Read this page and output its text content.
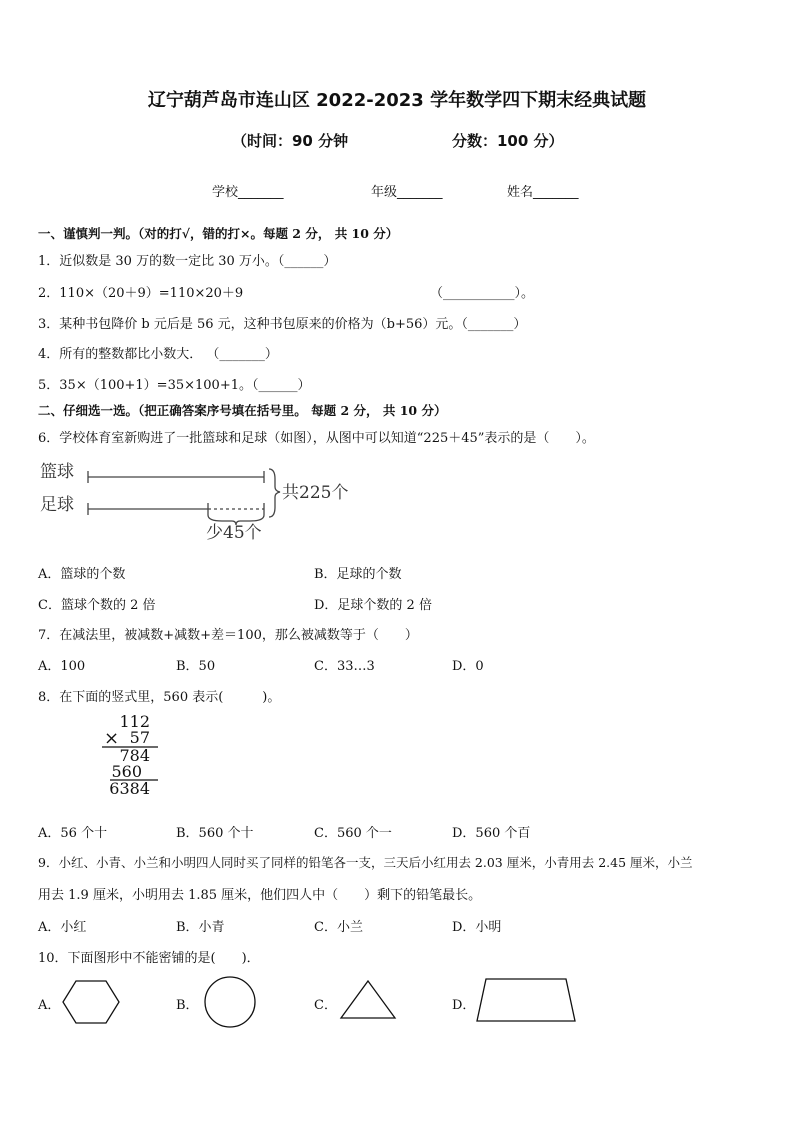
辽宁葫芦岛市连山区 2022-2023 学年数学四下期末经典试题
（时间：90 分钟	分数：100 分）
学校_______	年级_______	姓名_______
一、谨慎判一判。（对的打√，错的打×。每题 2 分， 共 10 分）
1．近似数是 30 万的数一定比 30 万小。（______）
2．110×（20＋9）=110×20＋9	（___________）。
3．某种书包降价 b 元后是 56 元，这种书包原来的价格为（b+56）元。（_______）
4．所有的整数都比小数大． （_______）
5．35×（100+1）=35×100+1。（______）
二、仔细选一选。（把正确答案序号填在括号里。 每题 2 分， 共 10 分）
6．学校体育室新购进了一批篮球和足球（如图），从图中可以知道“225＋45”表示的是（　　）。
篮球
足球
共225个
少45个
A．篮球的个数	B．足球的个数
C．篮球个数的 2 倍	D．足球个数的 2 倍
7．在减法里，被减数+减数+差＝100，那么被减数等于（　　）
A．100	B．50	C．33…3	D．0
8．在下面的竖式里，560 表示(　　　)。
112
× 57
784
560
6384
A．56 个十	B．560 个十	C．560 个一	D．560 个百
9．小红、小青、小兰和小明四人同时买了同样的铅笔各一支，三天后小红用去 2.03 厘米，小青用去 2.45 厘米，小兰
用去 1.9 厘米，小明用去 1.85 厘米，他们四人中（　　）剩下的铅笔最长。
A．小红	B．小青	C．小兰	D．小明
10．下面图形中不能密铺的是(　　)．
A．	B．	C．	D．
